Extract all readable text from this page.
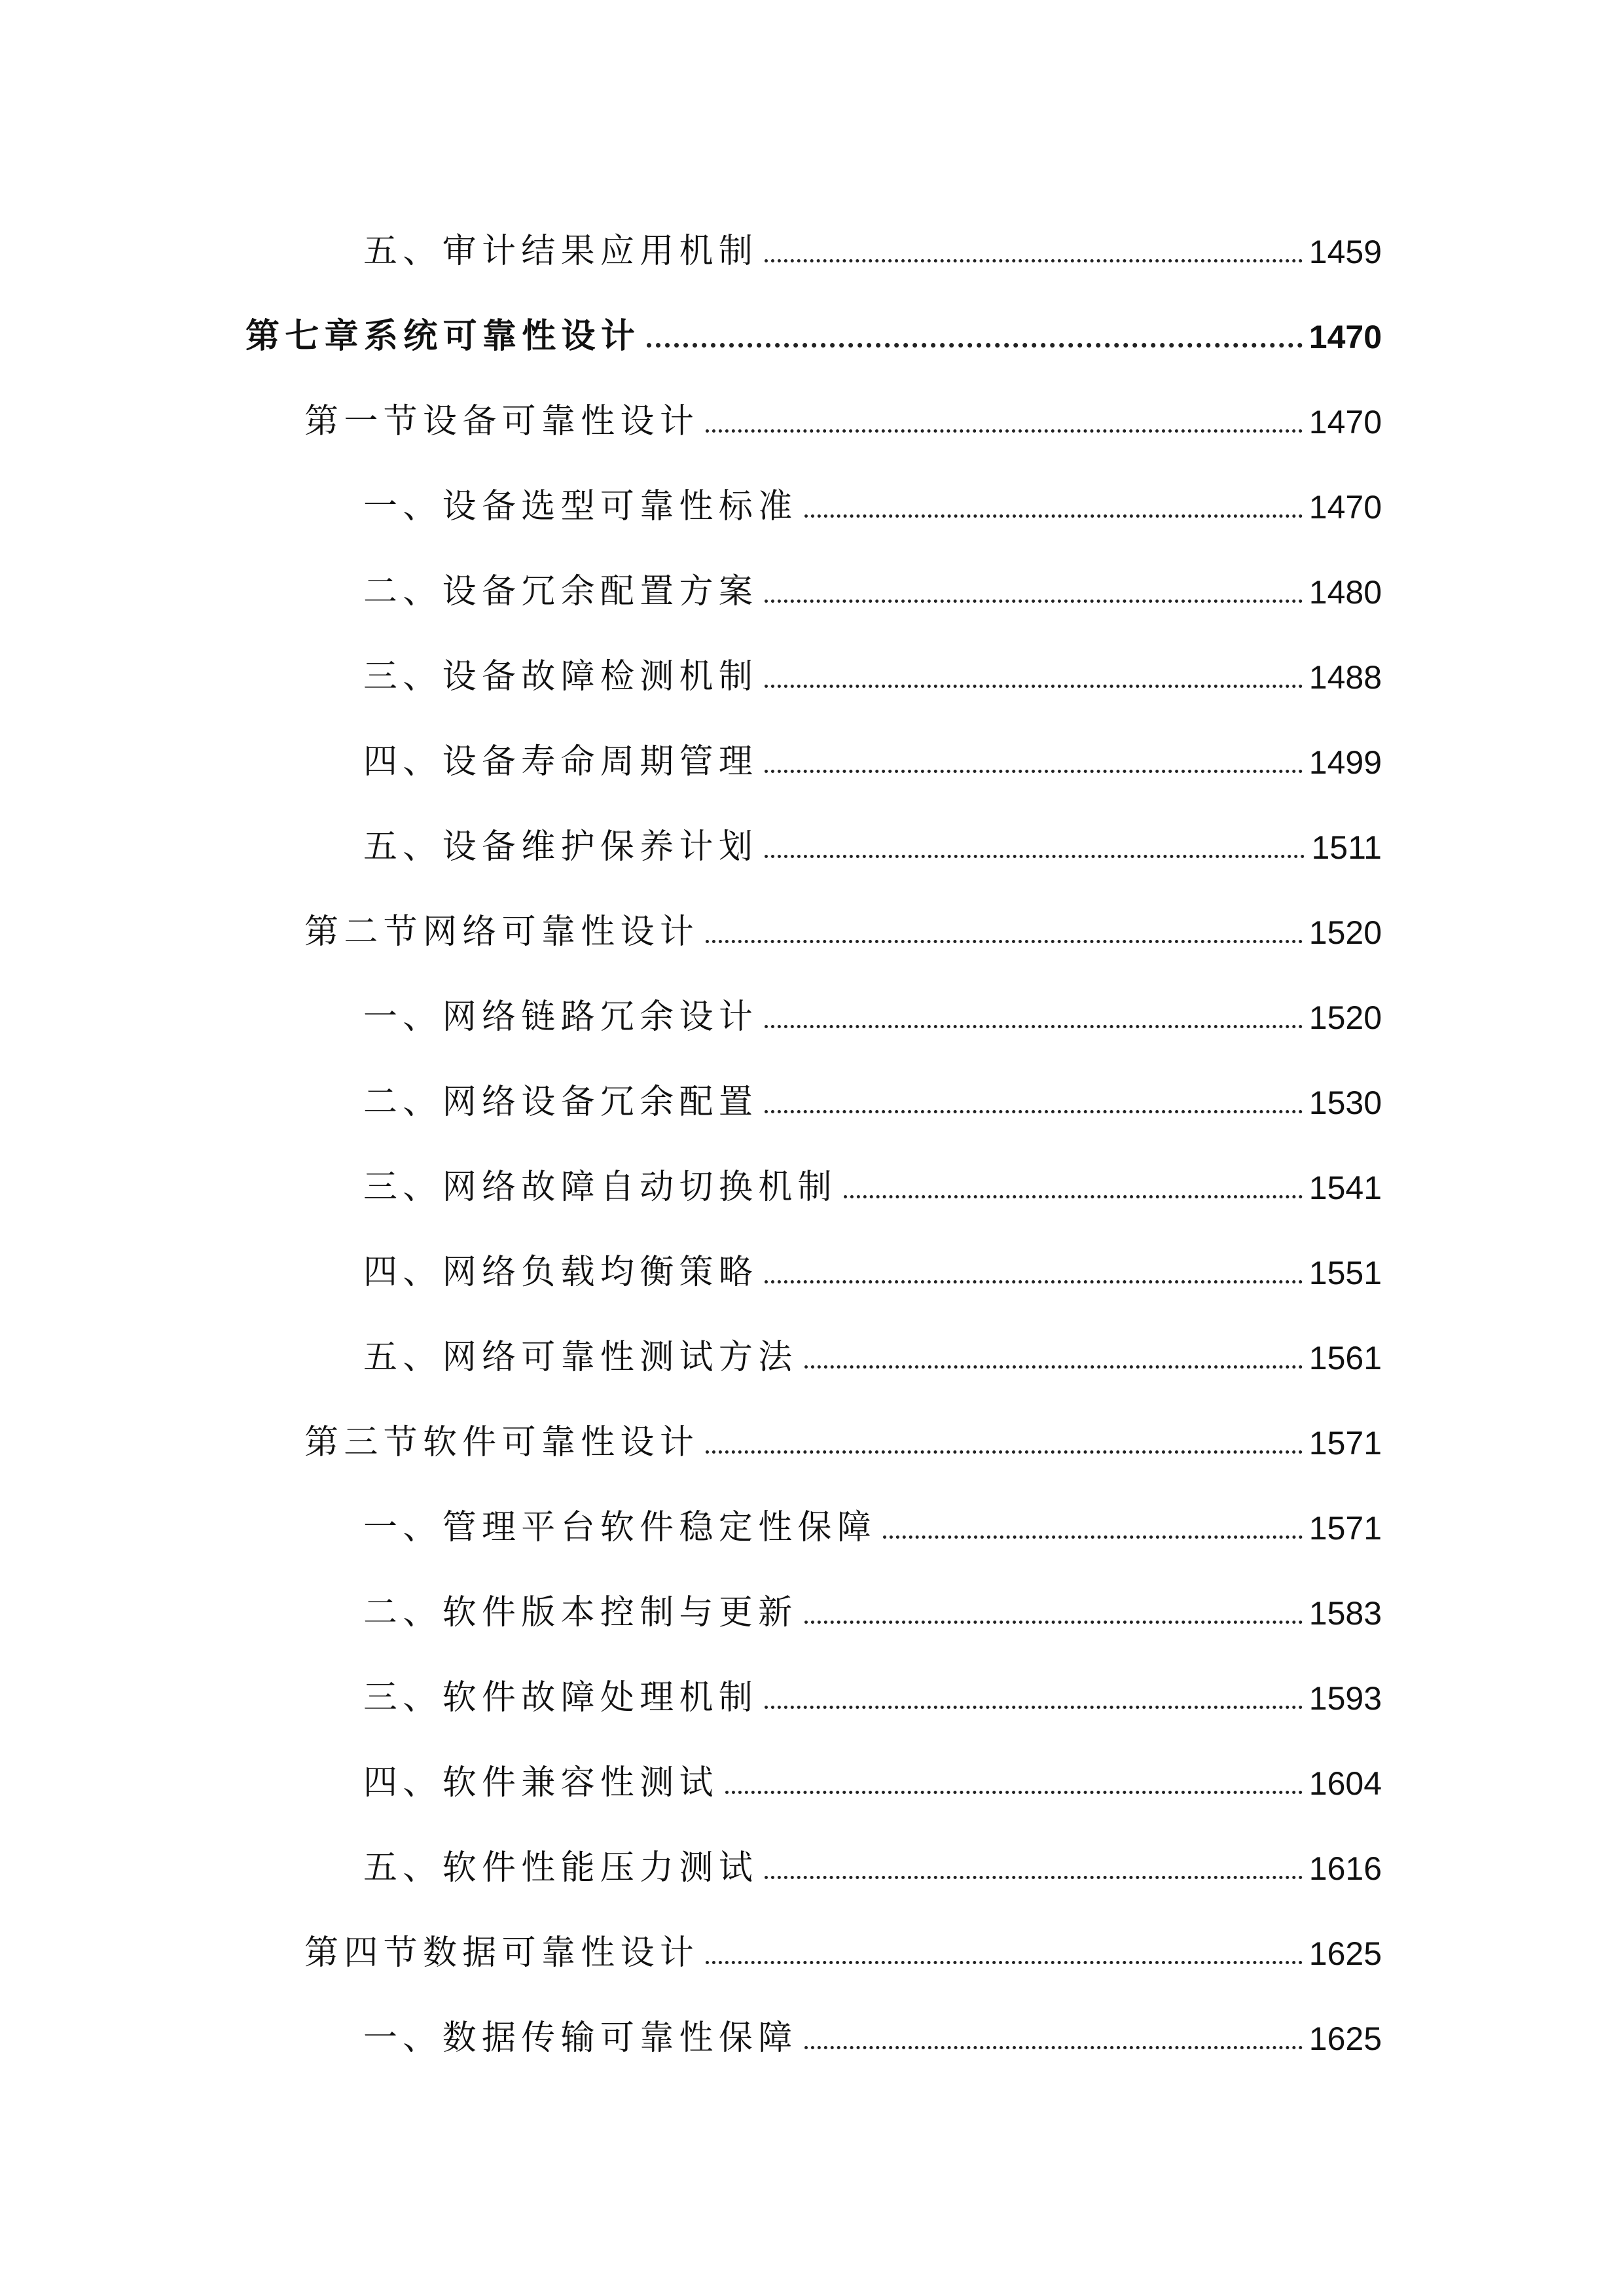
五、审计结果应用机制	1459
第七章系统可靠性设计	1470
第一节设备可靠性设计	1470
一、设备选型可靠性标准	1470
二、设备冗余配置方案	1480
三、设备故障检测机制	1488
四、设备寿命周期管理	1499
五、设备维护保养计划	1511
第二节网络可靠性设计	1520
一、网络链路冗余设计	1520
二、网络设备冗余配置	1530
三、网络故障自动切换机制	1541
四、网络负载均衡策略	1551
五、网络可靠性测试方法	1561
第三节软件可靠性设计	1571
一、管理平台软件稳定性保障	1571
二、软件版本控制与更新	1583
三、软件故障处理机制	1593
四、软件兼容性测试	1604
五、软件性能压力测试	1616
第四节数据可靠性设计	1625
一、数据传输可靠性保障	1625
